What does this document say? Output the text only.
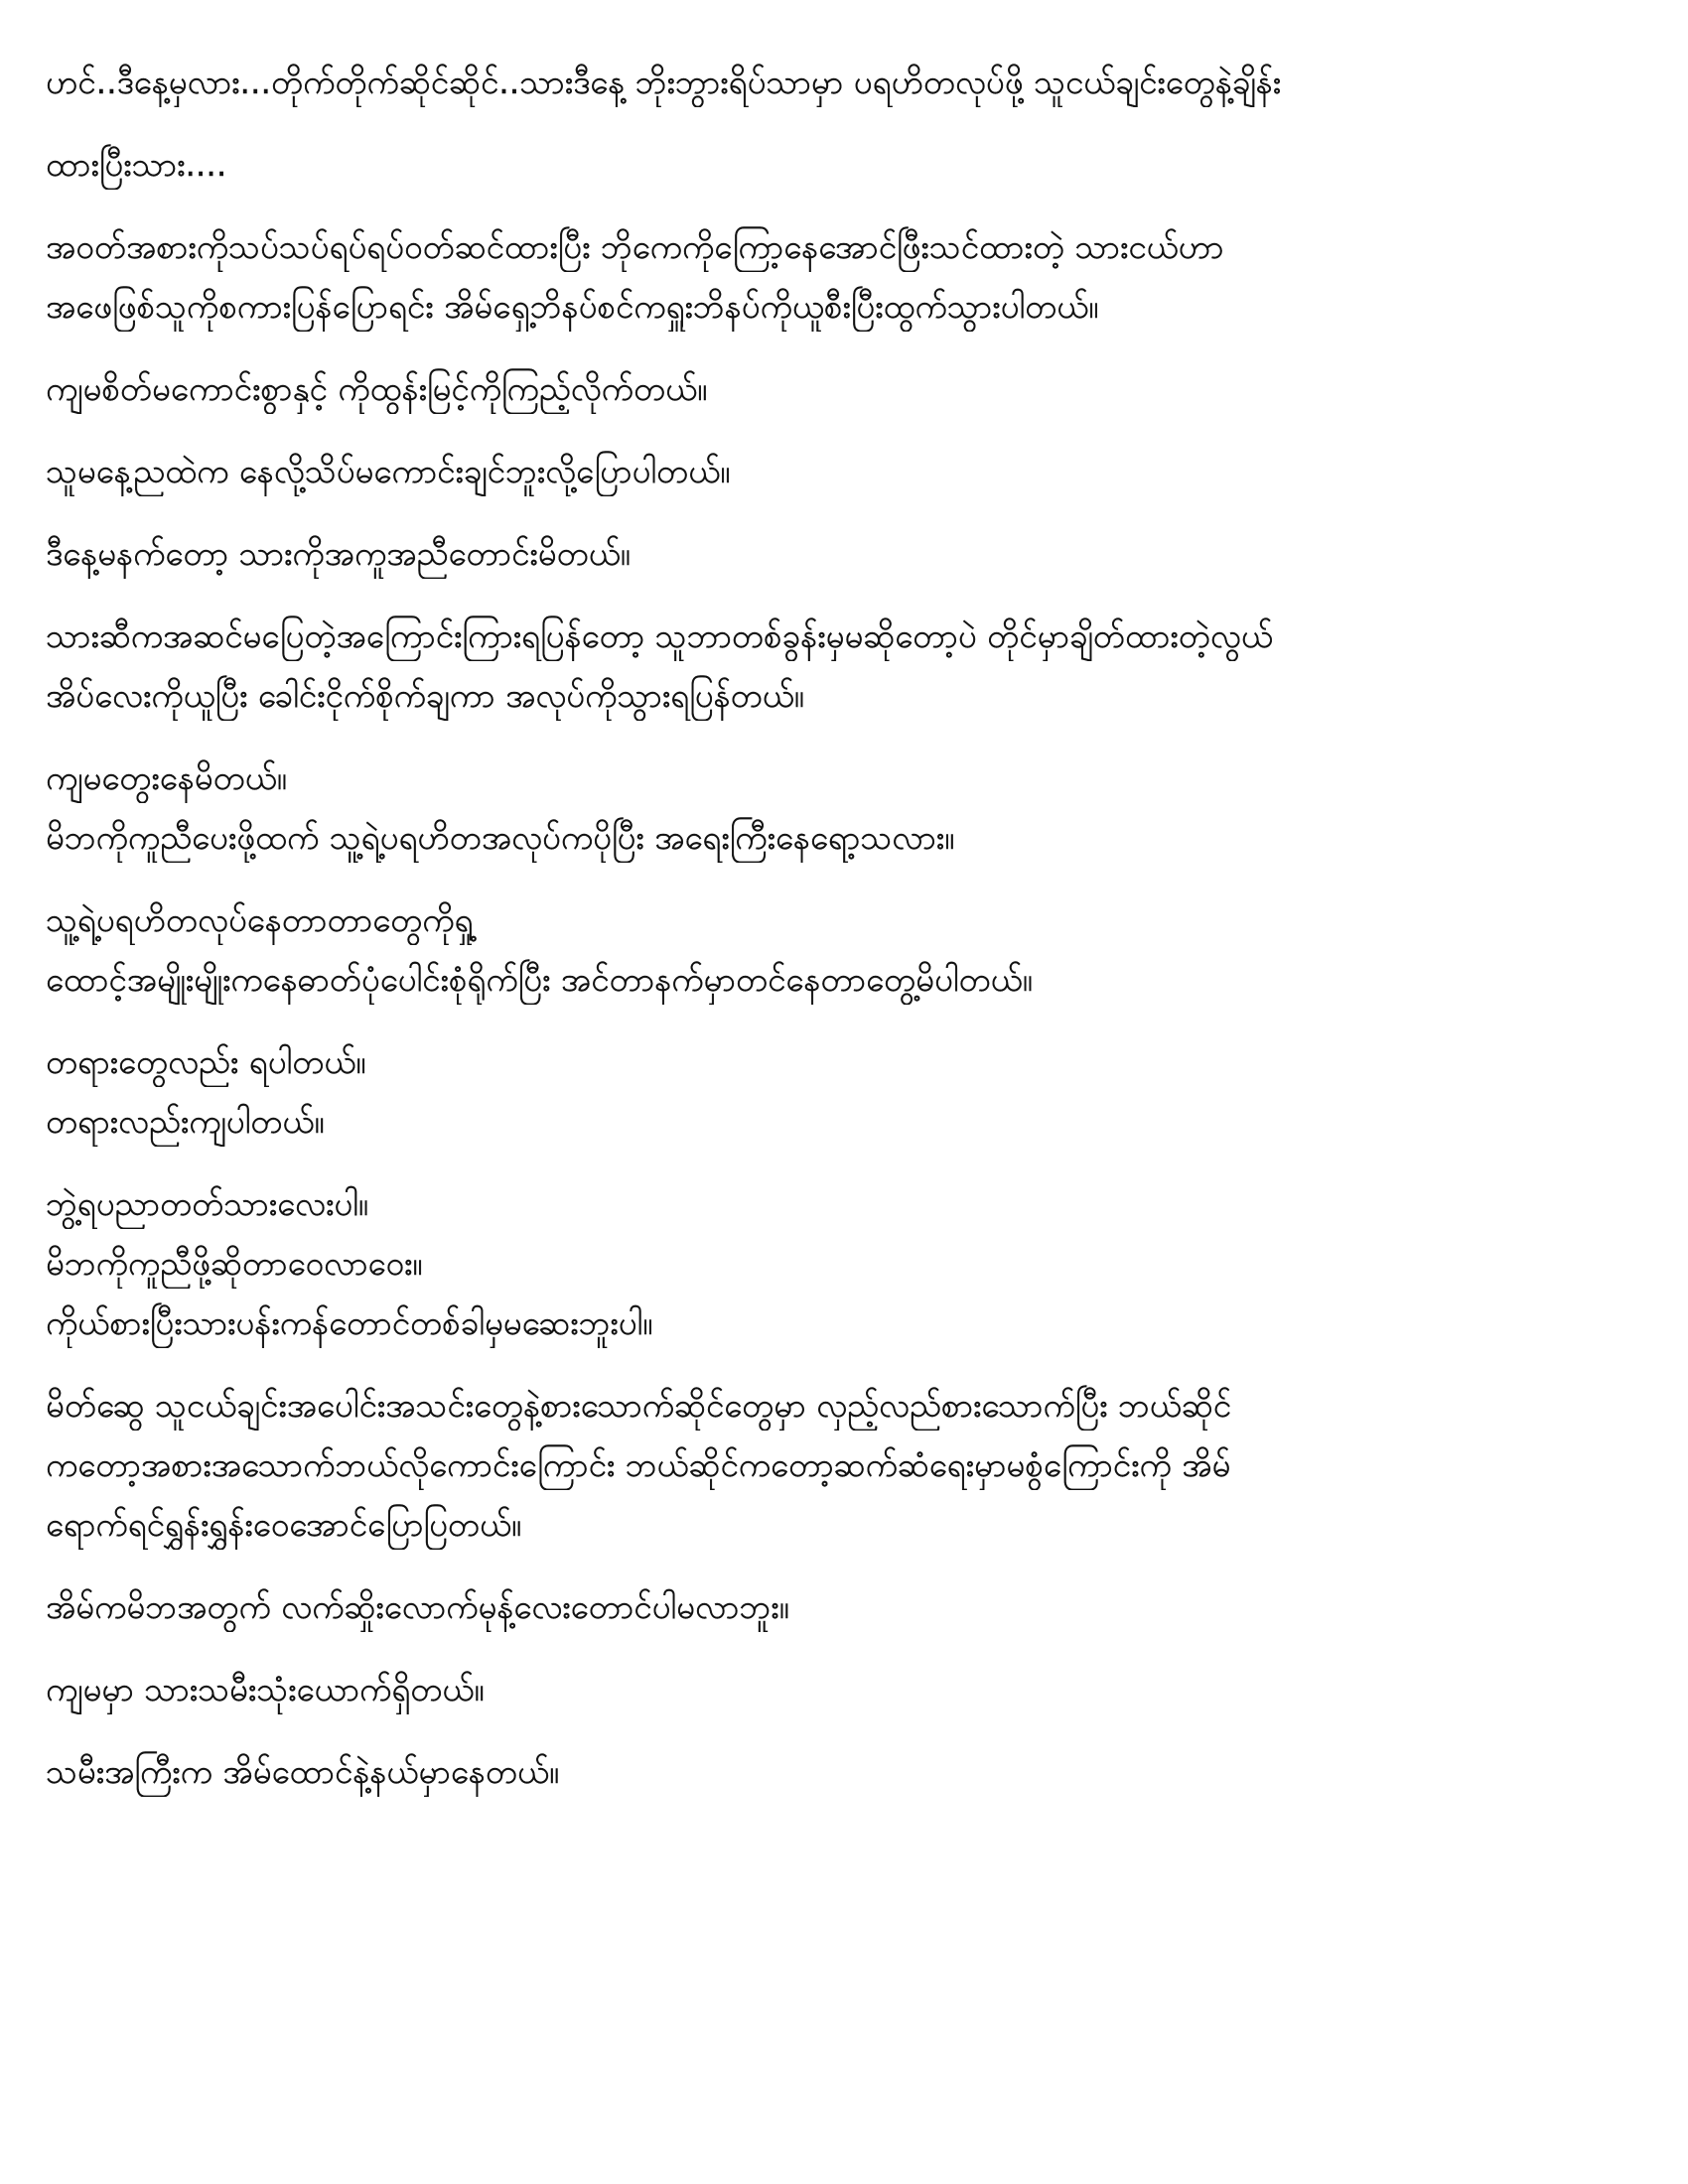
ဟင်..ဒီနေ့မှလား...တိုက်တိုက်ဆိုင်ဆိုင်..သားဒီနေ့ ဘိုးဘွားရိပ်သာမှာ ပရဟိတလုပ်ဖို့ သူငယ်ချင်းတွေနဲ့ချိန်း
ထားပြီးသား....
အဝတ်အစားကိုသပ်သပ်ရပ်ရပ်ဝတ်ဆင်ထားပြီး ဘိုကေကိုကြော့နေအောင်ဖြီးသင်ထားတဲ့ သားငယ်ဟာ
အဖေဖြစ်သူကိုစကားပြန်ပြောရင်း အိမ်ရှေ့ဘိနပ်စင်ကရှူးဘိနပ်ကိုယူစီးပြီးထွက်သွားပါတယ်။
ကျမစိတ်မကောင်းစွာနှင့် ကိုထွန်းမြင့်ကိုကြည့်လိုက်တယ်။
သူမနေ့ညထဲက နေလို့သိပ်မကောင်းချင်ဘူးလို့ပြောပါတယ်။
ဒီနေ့မနက်တော့ သားကိုအကူအညီတောင်းမိတယ်။
သားဆီကအဆင်မပြေတဲ့အကြောင်းကြားရပြန်တော့ သူဘာတစ်ခွန်းမှမဆိုတော့ပဲ တိုင်မှာချိတ်ထားတဲ့လွယ်
အိပ်လေးကိုယူပြီး ခေါင်းငိုက်စိုက်ချကာ အလုပ်ကိုသွားရပြန်တယ်။
ကျမတွေးနေမိတယ်။
မိဘကိုကူညီပေးဖို့ထက် သူ့ရဲ့ပရဟိတအလုပ်ကပိုပြီး အရေးကြီးနေရော့သလား။
သူ့ရဲ့ပရဟိတလုပ်နေတာတာတွေကိုရှု့
ထောင့်အမျိုးမျိုးကနေဓာတ်ပုံပေါင်းစုံရိုက်ပြီး အင်တာနက်မှာတင်နေတာတွေ့မိပါတယ်။
တရားတွေလည်း ရပါတယ်။
တရားလည်းကျပါတယ်။
ဘွဲ့ရပညာတတ်သားလေးပါ။
မိဘကိုကူညီဖို့ဆိုတာဝေလာဝေး။
ကိုယ်စားပြီးသားပန်းကန်တောင်တစ်ခါမှမဆေးဘူးပါ။
မိတ်ဆွေ သူငယ်ချင်းအပေါင်းအသင်းတွေနဲ့စားသောက်ဆိုင်တွေမှာ လှည့်လည်စားသောက်ပြီး ဘယ်ဆိုင်
ကတော့အစားအသောက်ဘယ်လိုကောင်းကြောင်း ဘယ်ဆိုင်ကတော့ဆက်ဆံရေးမှာမစွံကြောင်းကို အိမ်
ရောက်ရင်ရွှန်းရွှန်းဝေအောင်ပြောပြတယ်။
အိမ်ကမိဘအတွက် လက်ဆှိုးလောက်မုန့်လေးတောင်ပါမလာဘူး။
ကျမမှာ သားသမီးသုံးယောက်ရှိတယ်။
သမီးအကြီးက အိမ်ထောင်နဲ့နယ်မှာနေတယ်။
